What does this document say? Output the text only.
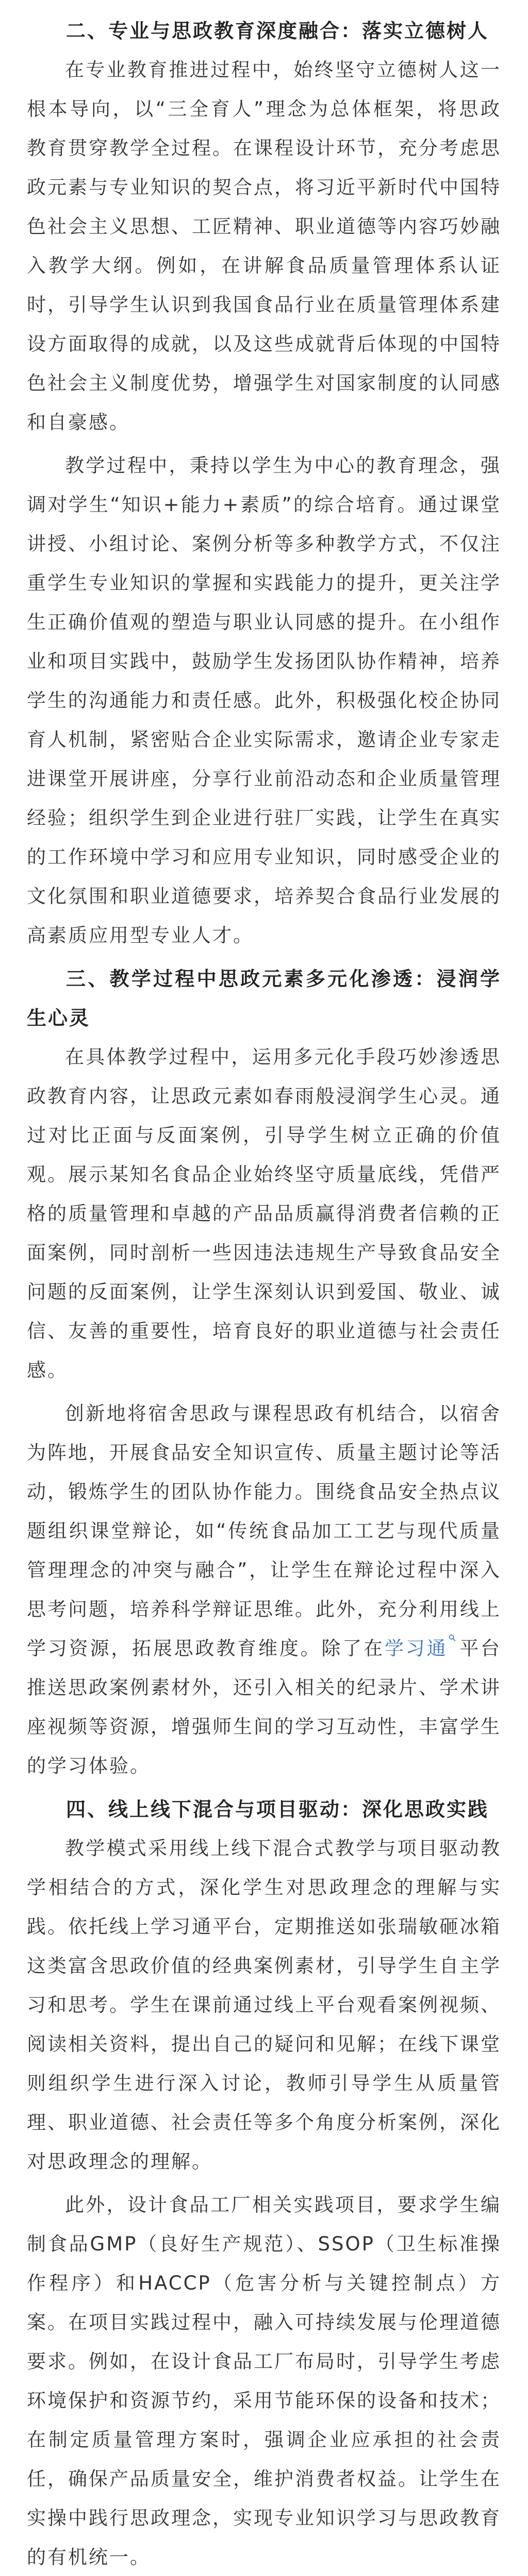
二、专业与思政教育深度融合：落实立德树人

在专业教育推进过程中，始终坚守立德树人这一根本导向，以“三全育人”理念为总体框架，将思政教育贯穿教学全过程。在课程设计环节，充分考虑思政元素与专业知识的契合点，将习近平新时代中国特色社会主义思想、工匠精神、职业道德等内容巧妙融入教学大纲。例如，在讲解食品质量管理体系认证时，引导学生认识到我国食品行业在质量管理体系建设方面取得的成就，以及这些成就背后体现的中国特色社会主义制度优势，增强学生对国家制度的认同感和自豪感。

教学过程中，秉持以学生为中心的教育理念，强调对学生“知识+能力+素质”的综合培育。通过课堂讲授、小组讨论、案例分析等多种教学方式，不仅注重学生专业知识的掌握和实践能力的提升，更关注学生正确价值观的塑造与职业认同感的提升。在小组作业和项目实践中，鼓励学生发扬团队协作精神，培养学生的沟通能力和责任感。此外，积极强化校企协同育人机制，紧密贴合企业实际需求，邀请企业专家走进课堂开展讲座，分享行业前沿动态和企业质量管理经验；组织学生到企业进行驻厂实践，让学生在真实的工作环境中学习和应用专业知识，同时感受企业的文化氛围和职业道德要求，培养契合食品行业发展的高素质应用型专业人才。

三、教学过程中思政元素多元化渗透：浸润学生心灵

在具体教学过程中，运用多元化手段巧妙渗透思政教育内容，让思政元素如春雨般浸润学生心灵。通过对比正面与反面案例，引导学生树立正确的价值观。展示某知名食品企业始终坚守质量底线，凭借严格的质量管理和卓越的产品品质赢得消费者信赖的正面案例，同时剖析一些因违法违规生产导致食品安全问题的反面案例，让学生深刻认识到爱国、敬业、诚信、友善的重要性，培育良好的职业道德与社会责任感。

创新地将宿舍思政与课程思政有机结合，以宿舍为阵地，开展食品安全知识宣传、质量主题讨论等活动，锻炼学生的团队协作能力。围绕食品安全热点议题组织课堂辩论，如“传统食品加工工艺与现代质量管理理念的冲突与融合”，让学生在辩论过程中深入思考问题，培养科学辩证思维。此外，充分利用线上学习资源，拓展思政教育维度。除了在学习通 平台推送思政案例素材外，还引入相关的纪录片、学术讲座视频等资源，增强师生间的学习互动性，丰富学生的学习体验。

四、线上线下混合与项目驱动：深化思政实践

教学模式采用线上线下混合式教学与项目驱动教学相结合的方式，深化学生对思政理念的理解与实践。依托线上学习通平台，定期推送如张瑞敏砸冰箱这类富含思政价值的经典案例素材，引导学生自主学习和思考。学生在课前通过线上平台观看案例视频、阅读相关资料，提出自己的疑问和见解；在线下课堂则组织学生进行深入讨论，教师引导学生从质量管理、职业道德、社会责任等多个角度分析案例，深化对思政理念的理解。

此外，设计食品工厂相关实践项目，要求学生编制食品GMP（良好生产规范）、SSOP（卫生标准操作程序）和HACCP（危害分析与关键控制点）方案。在项目实践过程中，融入可持续发展与伦理道德要求。例如，在设计食品工厂布局时，引导学生考虑环境保护和资源节约，采用节能环保的设备和技术；在制定质量管理方案时，强调企业应承担的社会责任，确保产品质量安全，维护消费者权益。让学生在实操中践行思政理念，实现专业知识学习与思政教育的有机统一。
